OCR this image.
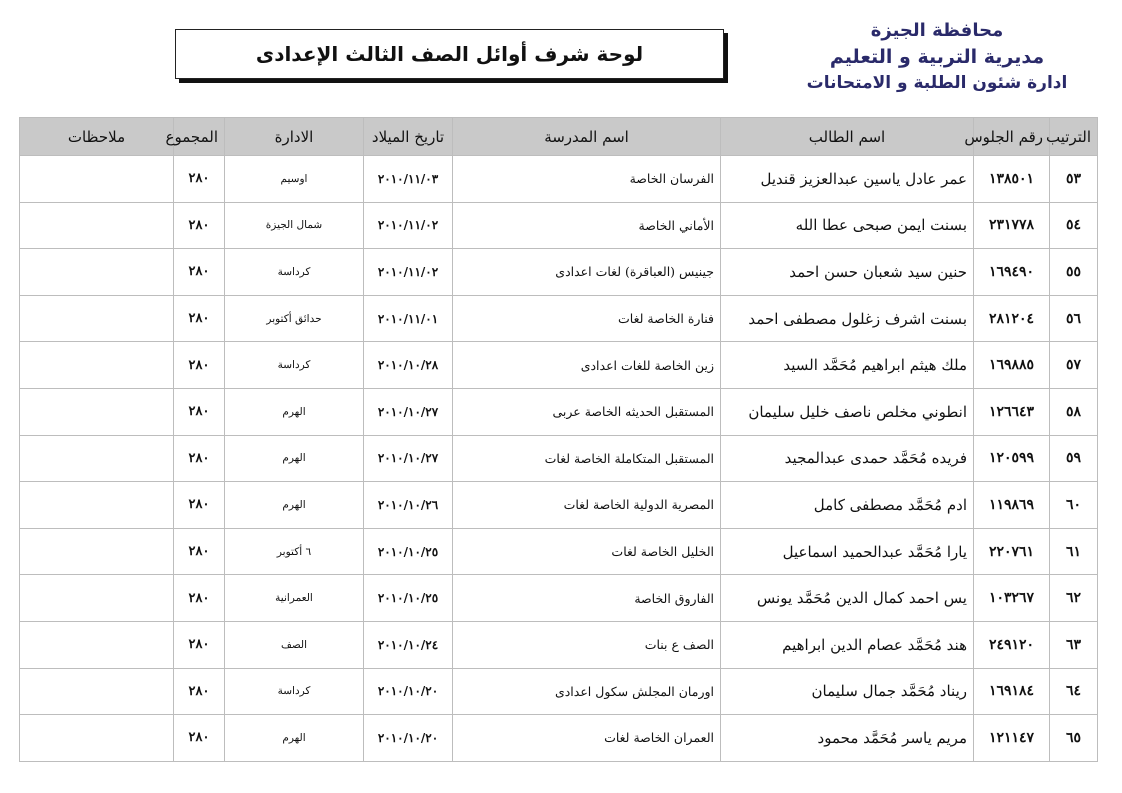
محافظة الجيزة
مديرية التربية و التعليم
ادارة شئون الطلبة و الامتحانات
لوحة شرف أوائل الصف الثالث الإعدادى
الترتيب	رقم الجلوس	اسم الطالب	اسم المدرسة	تاريخ الميلاد	الادارة	المجموع	ملاحظات
٥٣	١٣٨٥٠١	عمر عادل ياسين عبدالعزيز قنديل	الفرسان الخاصة	٢٠١٠/١١/٠٣	اوسيم	٢٨٠	
٥٤	٢٣١٧٧٨	بسنت ايمن صبحى عطا الله	الأماني الخاصة	٢٠١٠/١١/٠٢	شمال الجيزة	٢٨٠	
٥٥	١٦٩٤٩٠	حنين سيد شعبان حسن احمد	جينيس (العباقرة) لغات اعدادى	٢٠١٠/١١/٠٢	كرداسة	٢٨٠	
٥٦	٢٨١٢٠٤	بسنت اشرف زغلول مصطفى احمد	فنارة الخاصة لغات	٢٠١٠/١١/٠١	حدائق أكتوبر	٢٨٠	
٥٧	١٦٩٨٨٥	ملك هيثم ابراهيم مُحَمَّد السيد	زين الخاصة للغات اعدادى	٢٠١٠/١٠/٢٨	كرداسة	٢٨٠	
٥٨	١٢٦٦٤٣	انطوني مخلص ناصف خليل سليمان	المستقبل الحديثه الخاصة عربى	٢٠١٠/١٠/٢٧	الهرم	٢٨٠	
٥٩	١٢٠٥٩٩	فريده مُحَمَّد حمدى عبدالمجيد	المستقبل المتكاملة الخاصة لغات	٢٠١٠/١٠/٢٧	الهرم	٢٨٠	
٦٠	١١٩٨٦٩	ادم مُحَمَّد مصطفى كامل	المصرية الدولية الخاصة لغات	٢٠١٠/١٠/٢٦	الهرم	٢٨٠	
٦١	٢٢٠٧٦١	يارا مُحَمَّد عبدالحميد اسماعيل	الخليل الخاصة لغات	٢٠١٠/١٠/٢٥	٦ أكتوبر	٢٨٠	
٦٢	١٠٣٢٦٧	يس احمد كمال الدين مُحَمَّد يونس	الفاروق الخاصة	٢٠١٠/١٠/٢٥	العمرانية	٢٨٠	
٦٣	٢٤٩١٢٠	هند مُحَمَّد عصام الدين ابراهيم	الصف ع بنات	٢٠١٠/١٠/٢٤	الصف	٢٨٠	
٦٤	١٦٩١٨٤	ريناد مُحَمَّد جمال سليمان	اورمان المجلش سكول اعدادى	٢٠١٠/١٠/٢٠	كرداسة	٢٨٠	
٦٥	١٢١١٤٧	مريم ياسر مُحَمَّد محمود	العمران الخاصة لغات	٢٠١٠/١٠/٢٠	الهرم	٢٨٠	
